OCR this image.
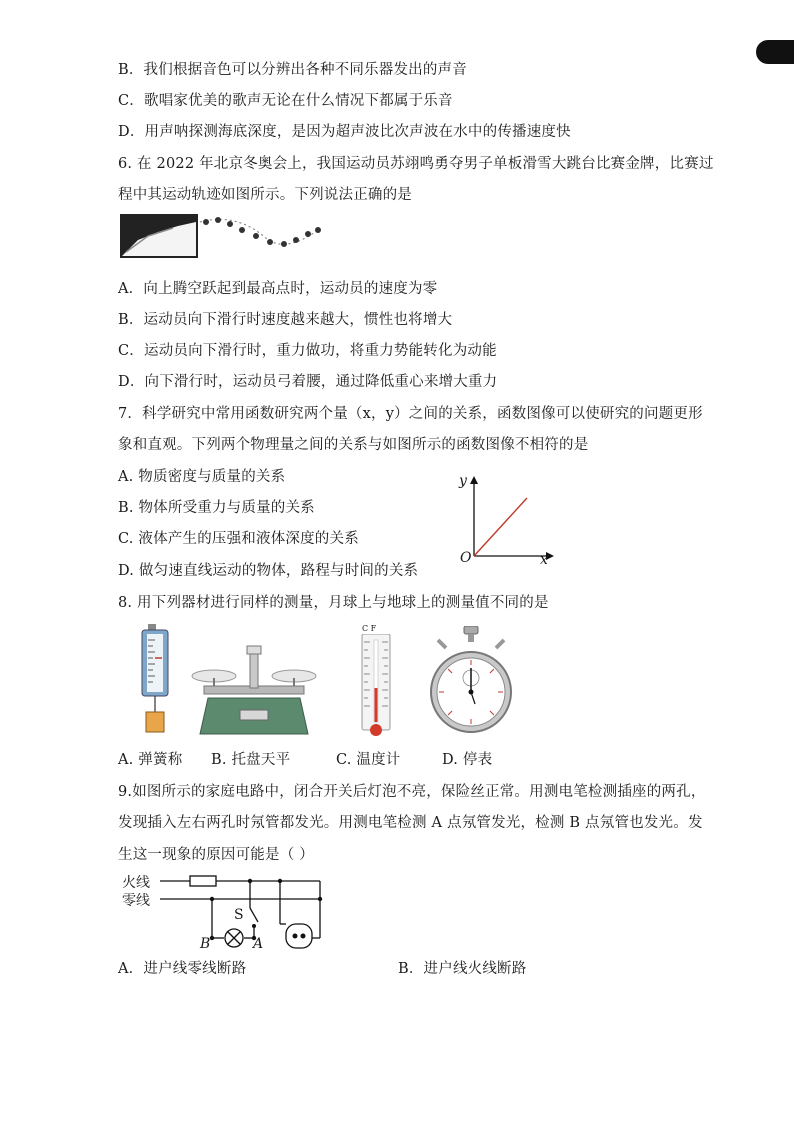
B．我们根据音色可以分辨出各种不同乐器发出的声音
C．歌唱家优美的歌声无论在什么情况下都属于乐音
D．用声呐探测海底深度，是因为超声波比次声波在水中的传播速度快
6. 在 2022 年北京冬奥会上，我国运动员苏翊鸣勇夺男子单板滑雪大跳台比赛金牌，比赛过
程中其运动轨迹如图所示。下列说法正确的是
A．向上腾空跃起到最高点时，运动员的速度为零
B．运动员向下滑行时速度越来越大，惯性也将增大
C．运动员向下滑行时，重力做功，将重力势能转化为动能
D．向下滑行时，运动员弓着腰，通过降低重心来增大重力
7．科学研究中常用函数研究两个量（x，y）之间的关系，函数图像可以使研究的问题更形
象和直观。下列两个物理量之间的关系与如图所示的函数图像不相符的是
A. 物质密度与质量的关系
B. 物体所受重力与质量的关系
C. 液体产生的压强和液体深度的关系
D. 做匀速直线运动的物体，路程与时间的关系
y
x
O
8. 用下列器材进行同样的测量，月球上与地球上的测量值不同的是
C F
A. 弹簧称 B. 托盘天平	C. 温度计	D. 停表
9.如图所示的家庭电路中，闭合开关后灯泡不亮，保险丝正常。用测电笔检测插座的两孔，
发现插入左右两孔时氖管都发光。用测电笔检测 A 点氖管发光，检测 B 点氖管也发光。发
生这一现象的原因可能是（ ）
火线
零线
S
B	A
A．进户线零线断路	B．进户线火线断路
